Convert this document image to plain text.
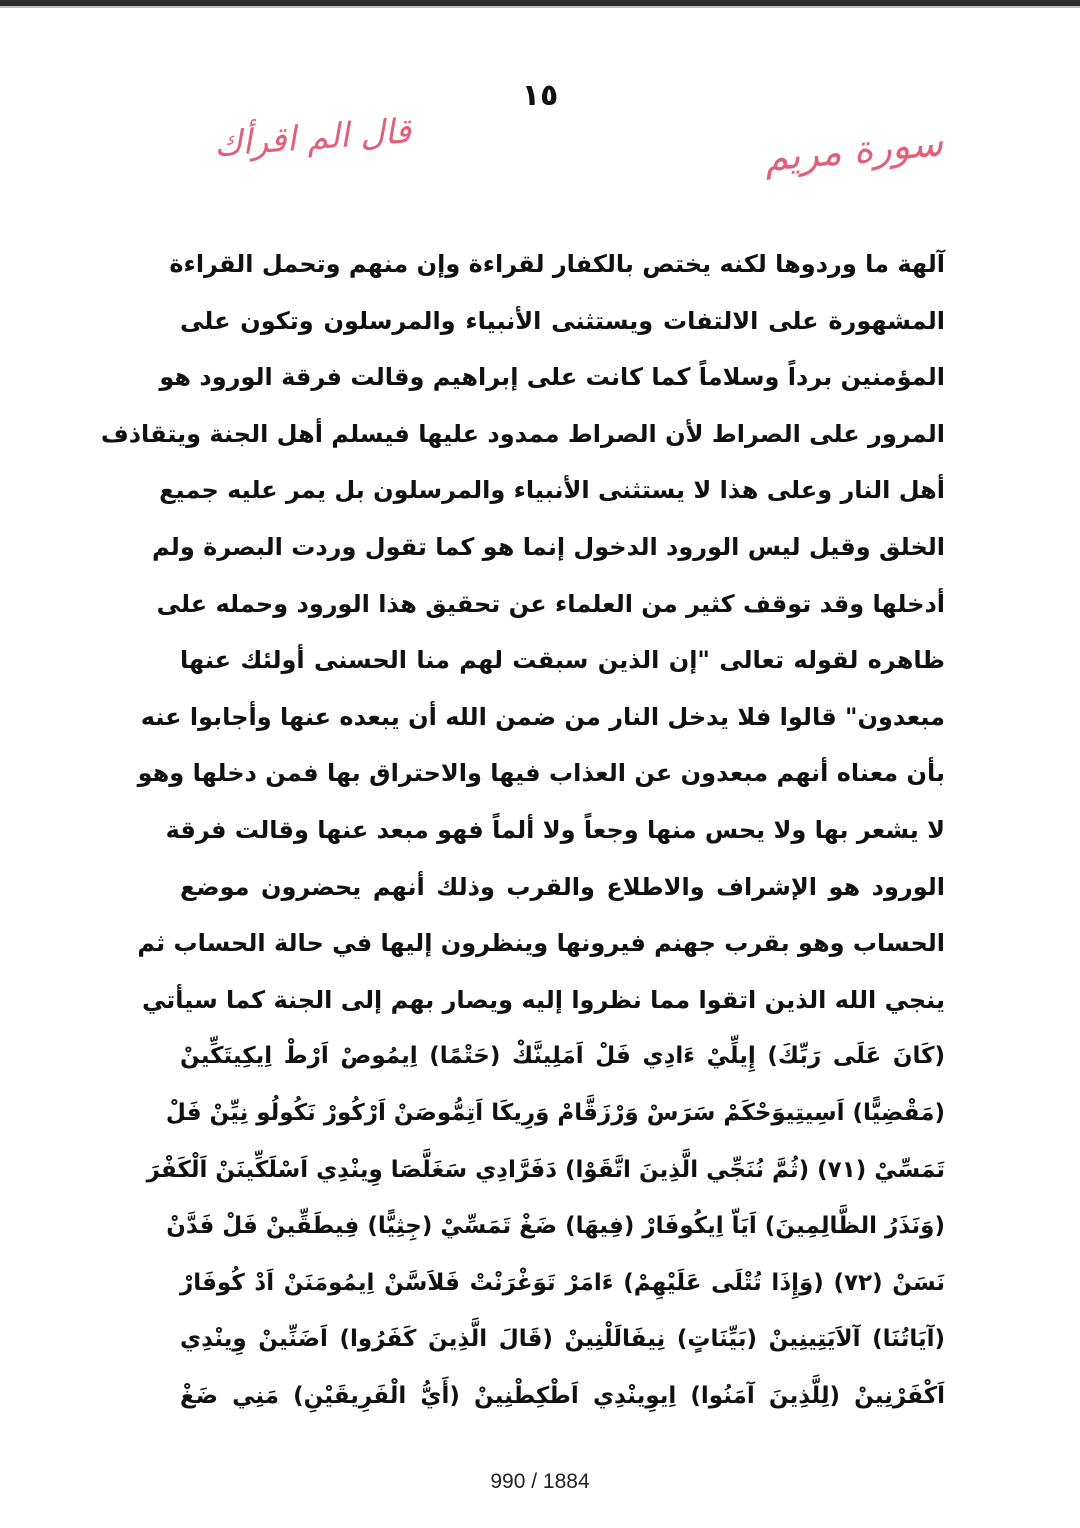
١٥
قال الم اقرأك	سورة مريم
آلهة ما وردوها لكنه يختص بالكفار لقراءة وإن منهم وتحمل القراءة
المشهورة على الالتفات ويستثنى الأنبياء والمرسلون وتكون على
المؤمنين برداً وسلاماً كما كانت على إبراهيم وقالت فرقة الورود هو
المرور على الصراط لأن الصراط ممدود عليها فيسلم أهل الجنة ويتقاذف
أهل النار وعلى هذا لا يستثنى الأنبياء والمرسلون بل يمر عليه جميع
الخلق وقيل ليس الورود الدخول إنما هو كما تقول وردت البصرة ولم
أدخلها وقد توقف كثير من العلماء عن تحقيق هذا الورود وحمله على
ظاهره لقوله تعالى "إن الذين سبقت لهم منا الحسنى أولئك عنها
مبعدون" قالوا فلا يدخل النار من ضمن الله أن يبعده عنها وأجابوا عنه
بأن معناه أنهم مبعدون عن العذاب فيها والاحتراق بها فمن دخلها وهو
لا يشعر بها ولا يحس منها وجعاً ولا ألماً فهو مبعد عنها وقالت فرقة
الورود هو الإشراف والاطلاع والقرب وذلك أنهم يحضرون موضع
الحساب وهو بقرب جهنم فيرونها وينظرون إليها في حالة الحساب ثم
ينجي الله الذين اتقوا مما نظروا إليه ويصار بهم إلى الجنة كما سيأتي
(كَانَ عَلَى رَبِّكَ) إِيلِّيْ ءَادِي فَلْ اَمَلِينَّكْ (حَتْمًا) اِيمُوصْ اَرْطْ اِيكِيتَكِّينْ
(مَقْضِيًّا) اَسِيتِيوَحْكَمْ سَرَسْ وَرْزَقَّامْ وَرِيكَا اَتِمُّوصَنْ اَرْكُورْ نَكُولُو نِيِّنْ فَلْ
تَمَسِّيْ (٧١) (ثُمَّ نُنَجِّي الَّذِينَ اتَّقَوْا) دَفَرَّادِي سَغَلَّصَا وِينْدِي اَسْلَكِّينَنْ اَلْكَفْرَ
(وَنَذَرُ الظَّالِمِينَ) اَيَاّ اِيكُوفَارْ (فِيهَا) ضَغْ تَمَسِّيْ (جِثِيًّا) فِيطَقِّينْ فَلْ فَدَّنْ
نَسَنْ (٧٢) (وَإِذَا تُتْلَى عَلَيْهِمْ) ءَامَرْ تَوَغْرَنْتْ فَلاَسَّنْ اِيمُومَنَنْ اَدْ كُوفَارْ
(آيَاتُنَا) آلاَيَتِينِينْ (بَيِّنَاتٍ) نِيفَالَلْنِينْ (قَالَ الَّذِينَ كَفَرُوا) اَضَنِّينْ وِينْدِي
اَكْفَرْنِينْ (لِلَّذِينَ آمَنُوا) اِيوِينْدِي اَطْكِطْنِينْ (أَيُّ الْفَرِيقَيْنِ) مَنِي ضَغْ
990 / 1884
